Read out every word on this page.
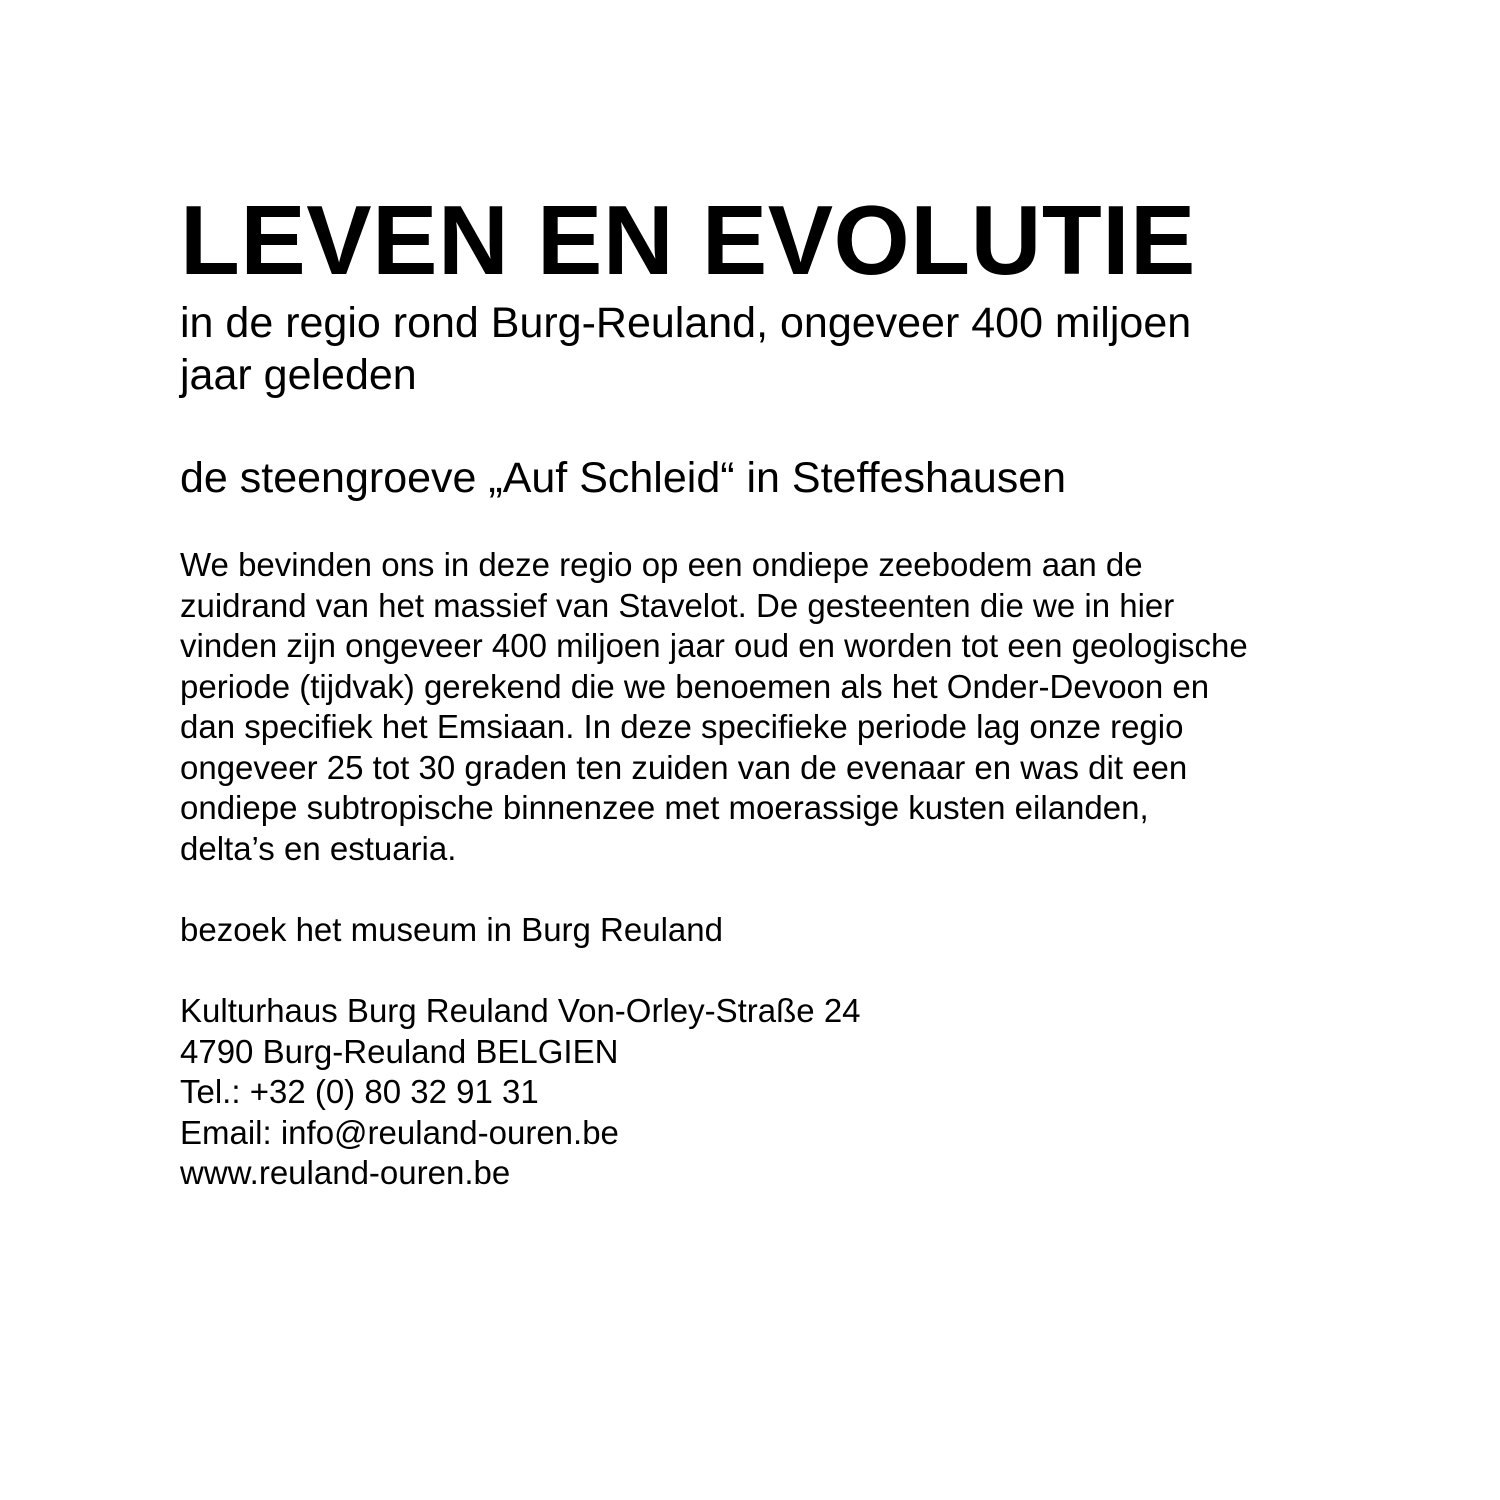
LEVEN EN EVOLUTIE
in de regio rond Burg-Reuland, ongeveer 400 miljoen
jaar geleden
de steengroeve „Auf Schleid“ in Steffeshausen

We bevinden ons in deze regio op een ondiepe zeebodem aan de
zuidrand van het massief van Stavelot. De gesteenten die we in hier
vinden zijn ongeveer 400 miljoen jaar oud en worden tot een geologische
periode (tijdvak) gerekend die we benoemen als het Onder-Devoon en
dan specifiek het Emsiaan. In deze specifieke periode lag onze regio
ongeveer 25 tot 30 graden ten zuiden van de evenaar en was dit een
ondiepe subtropische binnenzee met moerassige kusten eilanden,
delta’s en estuaria.

bezoek het museum in Burg Reuland

Kulturhaus Burg Reuland Von-Orley-Straße 24
4790 Burg-Reuland BELGIEN
Tel.: +32 (0) 80 32 91 31
Email: info@reuland-ouren.be
www.reuland-ouren.be
